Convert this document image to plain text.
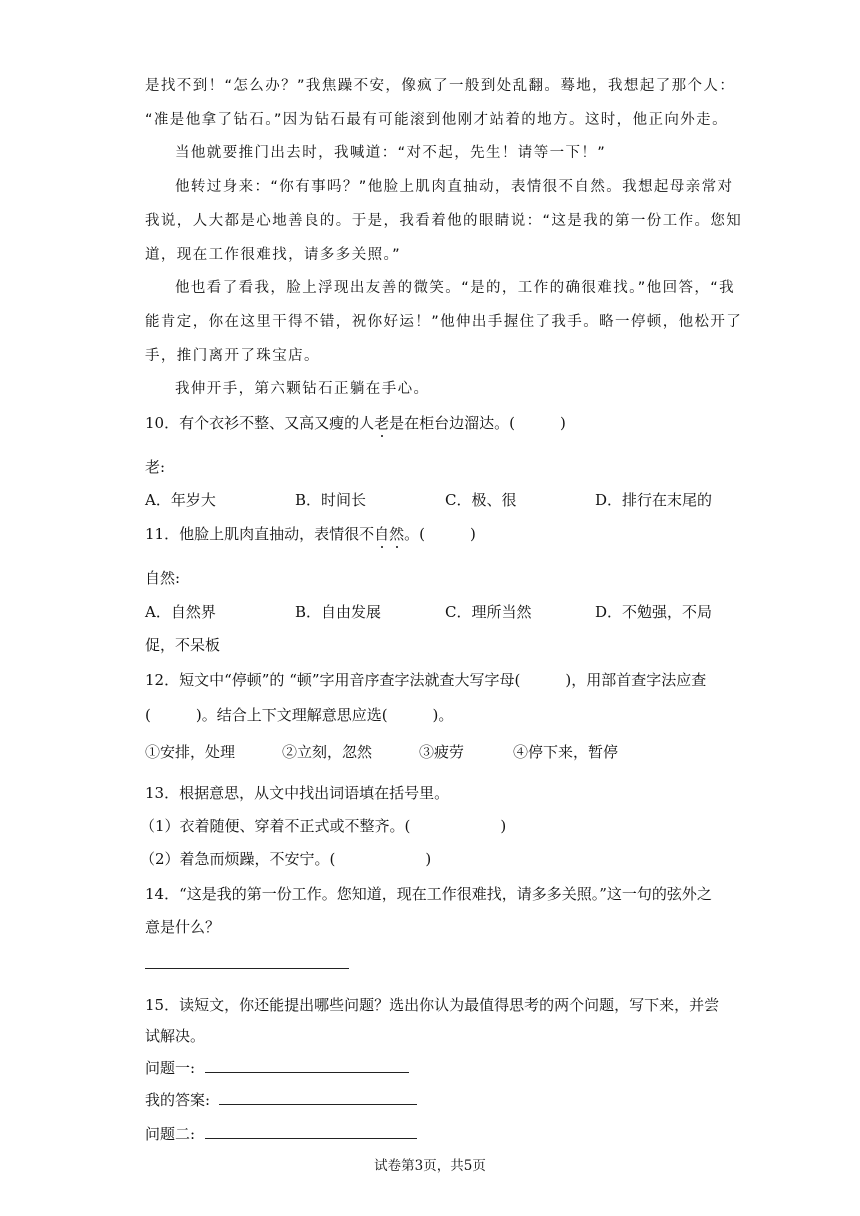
是找不到！“怎么办？”我焦躁不安，像疯了一般到处乱翻。蓦地，我想起了那个人：
“准是他拿了钻石。”因为钻石最有可能滚到他刚才站着的地方。这时，他正向外走。
当他就要推门出去时，我喊道：“对不起，先生！请等一下！”
他转过身来：“你有事吗？”他脸上肌肉直抽动，表情很不自然。我想起母亲常对
我说，人大都是心地善良的。于是，我看着他的眼睛说：“这是我的第一份工作。您知
道，现在工作很难找，请多多关照。”
他也看了看我，脸上浮现出友善的微笑。“是的，工作的确很难找。”他回答，“我
能肯定，你在这里干得不错，祝你好运！”他伸出手握住了我手。略一停顿，他松开了
手，推门离开了珠宝店。
我伸开手，第六颗钻石正躺在手心。
10．有个衣衫不整、又高又瘦的人老是在柜台边溜达。(　　　)
老:
A．年岁大	B．时间长	C．极、很	D．排行在末尾的
11．他脸上肌肉直抽动，表情很不自然。(　　　)
自然:
A．自然界	B．自由发展	C．理所当然	D．不勉强，不局
促，不呆板
12．短文中“停顿”的 “顿”字用音序查字法就查大写字母(　　　)，用部首查字法应查
(　　　)。结合上下文理解意思应选(　　　)。
①安排，处理	②立刻，忽然	③疲劳	④停下来，暂停
13．根据意思，从文中找出词语填在括号里。
（1）衣着随便、穿着不正式或不整齐。(　　　　　　)
（2）着急而烦躁，不安宁。(　　　　　　)
14．“这是我的第一份工作。您知道，现在工作很难找，请多多关照。”这一句的弦外之
意是什么？
15．读短文，你还能提出哪些问题？选出你认为最值得思考的两个问题，写下来，并尝
试解决。
问题一:
我的答案:
问题二:
试卷第3页，共5页
